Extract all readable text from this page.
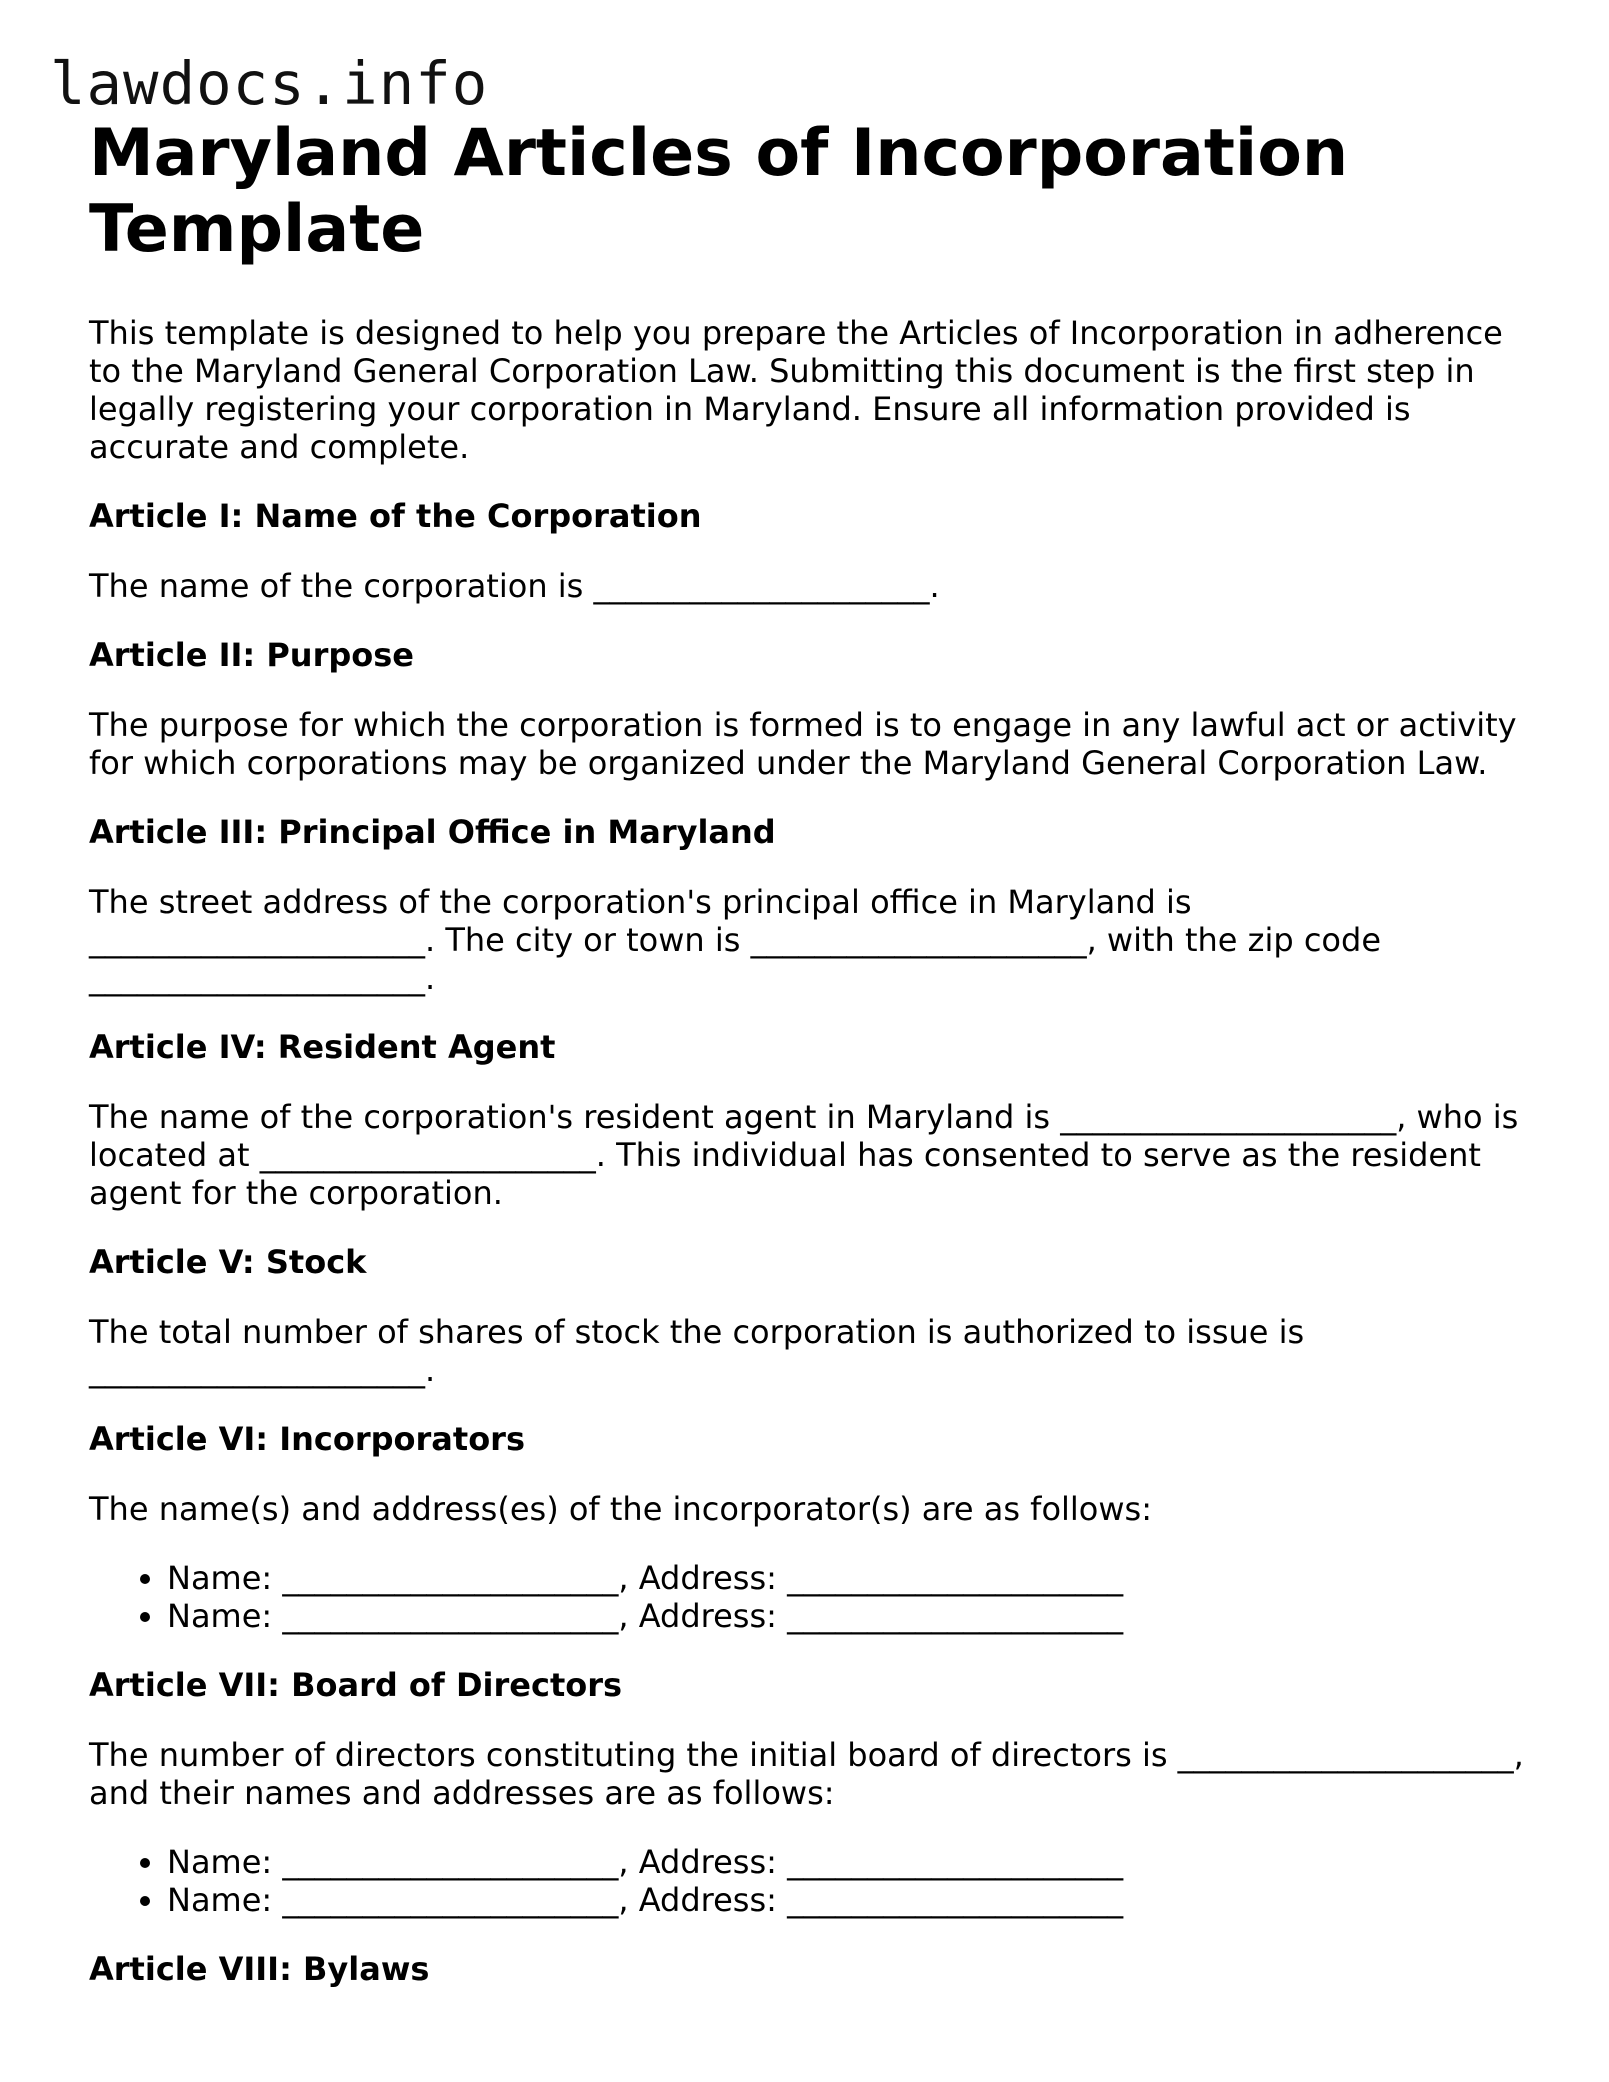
lawdocs.info
Maryland Articles of Incorporation Template

This template is designed to help you prepare the Articles of Incorporation in adherence to the Maryland General Corporation Law. Submitting this document is the first step in legally registering your corporation in Maryland. Ensure all information provided is accurate and complete.

Article I: Name of the Corporation

The name of the corporation is _____________________.

Article II: Purpose

The purpose for which the corporation is formed is to engage in any lawful act or activity for which corporations may be organized under the Maryland General Corporation Law.

Article III: Principal Office in Maryland

The street address of the corporation's principal office in Maryland is _____________________. The city or town is _____________________, with the zip code _____________________.

Article IV: Resident Agent

The name of the corporation's resident agent in Maryland is _____________________, who is located at _____________________. This individual has consented to serve as the resident agent for the corporation.

Article V: Stock

The total number of shares of stock the corporation is authorized to issue is _____________________.

Article VI: Incorporators

The name(s) and address(es) of the incorporator(s) are as follows:

• Name: _____________________, Address: _____________________
• Name: _____________________, Address: _____________________
Article VII: Board of Directors

The number of directors constituting the initial board of directors is _____________________, and their names and addresses are as follows:

• Name: _____________________, Address: _____________________
• Name: _____________________, Address: _____________________
Article VIII: Bylaws
